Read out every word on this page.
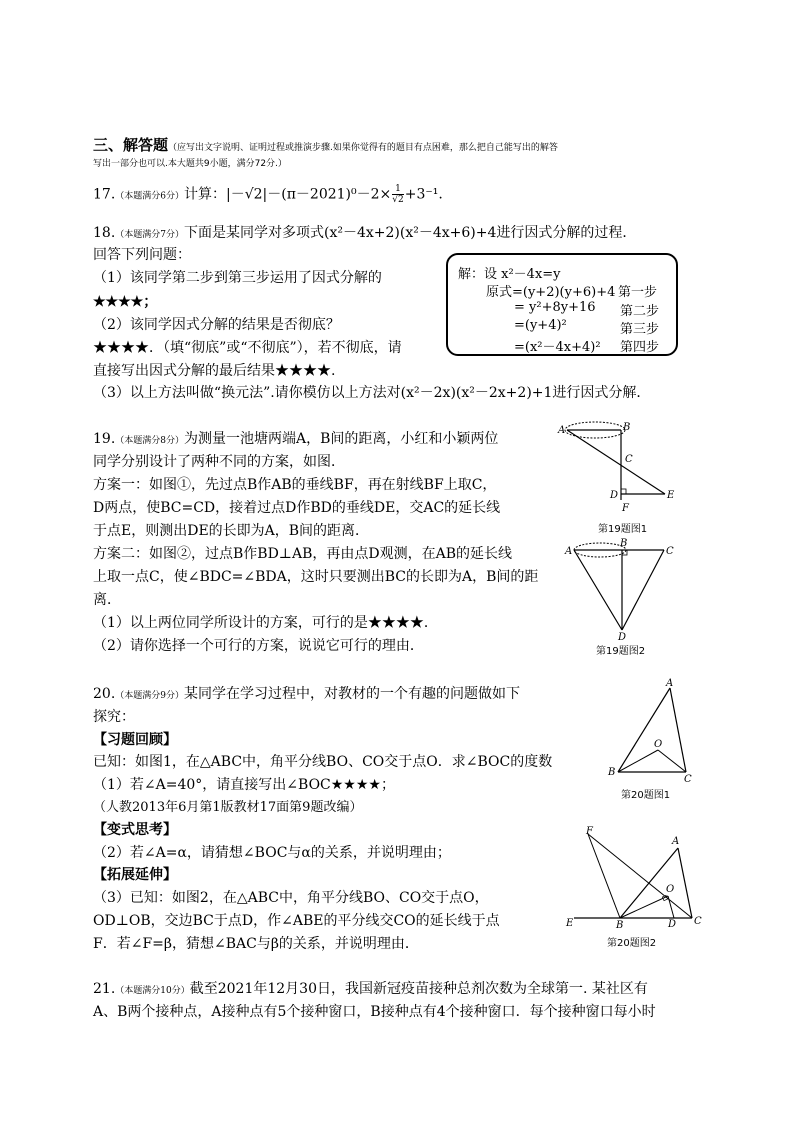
三、解答题（应写出文字说明、证明过程或推演步骤.如果你觉得有的题目有点困难，那么把自己能写出的解答
写出一部分也可以.本大题共9小题，满分72分.）
17.（本题满分6分）计算：$|-√2|-(\pi-2021)^0-2\times \frac{1}{√2} +3^{-1}$.
18.（本题满分7分）下面是某同学对多项式(x²－4x+2)(x²－4x+6)+4进行因式分解的过程．
回答下列问题：
（1）该同学第二步到第三步运用了因式分解的
★★★★；
（2）该同学因式分解的结果是否彻底？
★★★★．（填“彻底”或“不彻底”），若不彻底，请
直接写出因式分解的最后结果★★★★.
（3）以上方法叫做“换元法”.请你模仿以上方法对(x²－2x)(x²－2x+2)+1进行因式分解．
解：设 x²－4x=y
原式=(y+2)(y+6)+4 第一步
= y²+8y+16 第二步
=(y+4)²	第三步
=(x²－4x+4)² 第四步
19.（本题满分8分）为测量一池塘两端A，B间的距离，小红和小颖两位
同学分别设计了两种不同的方案，如图．
方案一：如图①，先过点B作AB的垂线BF，再在射线BF上取C，
D两点，使BC=CD，接着过点D作BD的垂线DE，交AC的延长线
于点E，则测出DE的长即为A，B间的距离．
方案二：如图②，过点B作BD⊥AB，再由点D观测，在AB的延长线
上取一点C，使∠BDC=∠BDA，这时只要测出BC的长即为A，B间的距
离．
（1）以上两位同学所设计的方案，可行的是★★★★．
（2）请你选择一个可行的方案，说说它可行的理由．
A	B
C
D	E
F
第19题图1
A
B
C
D
第19题图2
20.（本题满分9分）某同学在学习过程中，对教材的一个有趣的问题做如下
探究：
【习题回顾】
已知：如图1，在△ABC中，角平分线BO、CO交于点O．求∠BOC的度数
（1）若∠A=40°，请直接写出∠BOC★★★★；
（人教2013年6月第1版教材17面第9题改编）
【变式思考】
（2）若∠A=α，请猜想∠BOC与α的关系，并说明理由；
【拓展延伸】
（3）已知：如图2，在△ABC中，角平分线BO、CO交于点O，
OD⊥OB，交边BC于点D，作∠ABE的平分线交CO的延长线于点
F．若∠F=β，猜想∠BAC与β的关系，并说明理由．
A
B
C
O
第20题图1
F
A
O
E	B	D C
第20题图2
21.（本题满分10分）截至2021年12月30日，我国新冠疫苗接种总剂次数为全球第一. 某社区有
A、B两个接种点，A接种点有5个接种窗口，B接种点有4个接种窗口．每个接种窗口每小时
